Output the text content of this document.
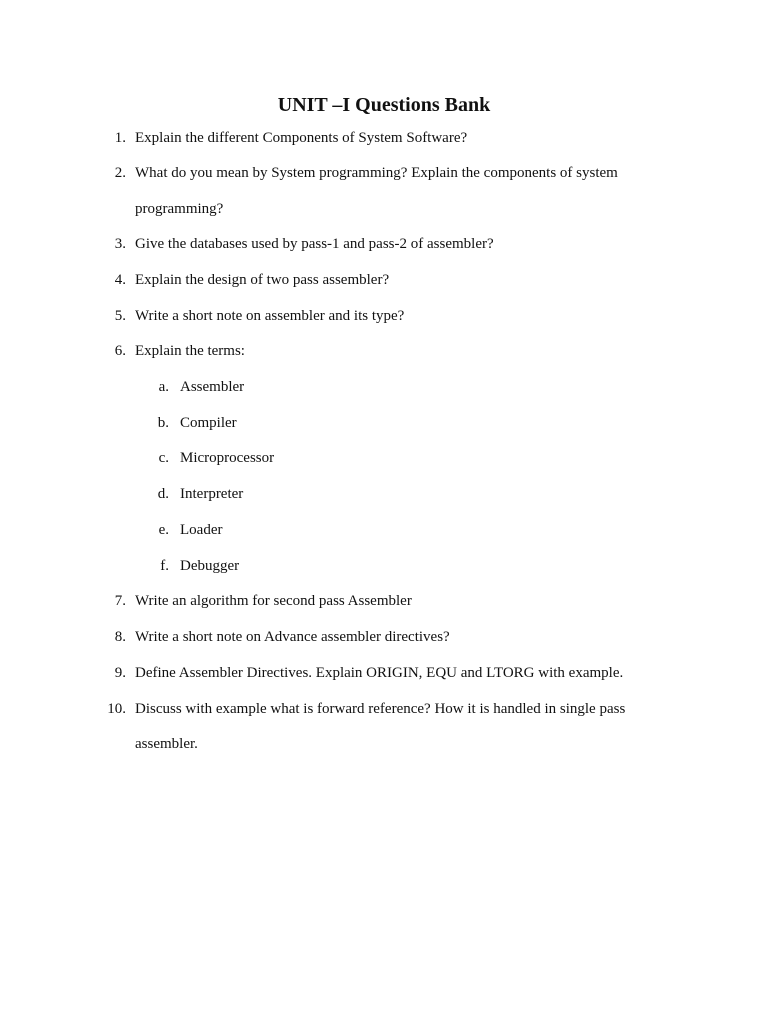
UNIT –I Questions Bank
1. Explain the different Components of System Software?
2. What do you mean by System programming? Explain the components of system
programming?
3. Give the databases used by pass-1 and pass-2 of assembler?
4. Explain the design of two pass assembler?
5. Write a short note on assembler and its type?
6. Explain the terms:
a. Assembler
b. Compiler
c. Microprocessor
d. Interpreter
e. Loader
f. Debugger
7. Write an algorithm for second pass Assembler
8. Write a short note on Advance assembler directives?
9. Define Assembler Directives. Explain ORIGIN, EQU and LTORG with example.
10. Discuss with example what is forward reference? How it is handled in single pass
assembler.
